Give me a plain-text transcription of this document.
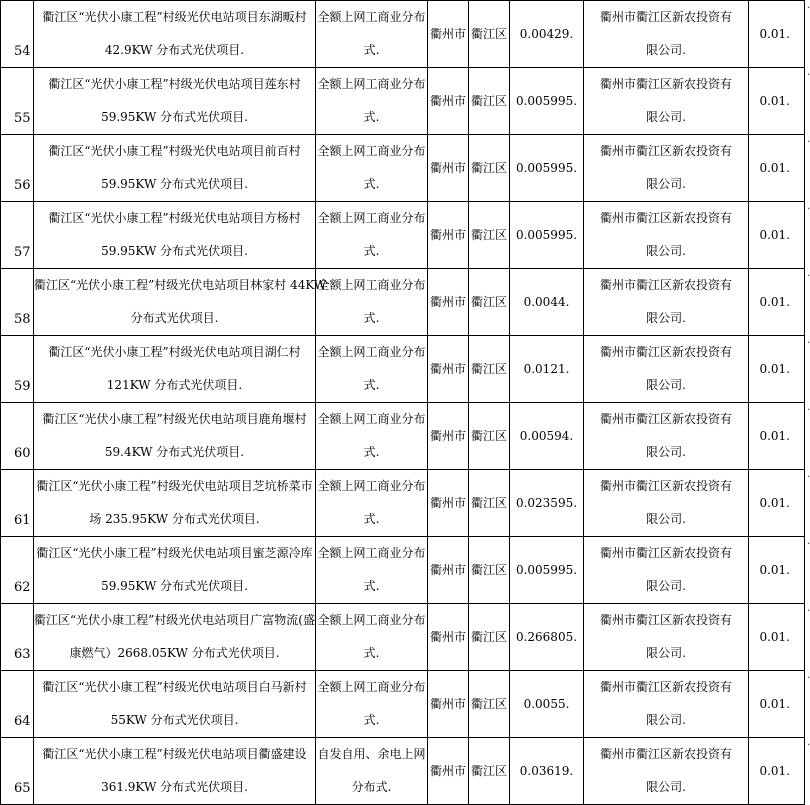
54	衢江区“光伏小康工程”村级光伏电站项目东湖畈村
42.9KW 分布式光伏项目.	全额上网工商业分布
式.	衢州市	衢江区	0.00429.	衢州市衢江区新农投资有
限公司.	0.01.	.

55	衢江区“光伏小康工程”村级光伏电站项目莲东村
59.95KW 分布式光伏项目.	全额上网工商业分布
式.	衢州市	衢江区	0.005995.	衢州市衢江区新农投资有
限公司.	0.01.	.

56	衢江区“光伏小康工程”村级光伏电站项目前百村
59.95KW 分布式光伏项目.	全额上网工商业分布
式.	衢州市	衢江区	0.005995.	衢州市衢江区新农投资有
限公司.	0.01.	.

57	衢江区“光伏小康工程”村级光伏电站项目方杨村
59.95KW 分布式光伏项目.	全额上网工商业分布
式.	衢州市	衢江区	0.005995.	衢州市衢江区新农投资有
限公司.	0.01.	.

58	衢江区“光伏小康工程”村级光伏电站项目林家村 44KW
分布式光伏项目.	全额上网工商业分布
式.	衢州市	衢江区	0.0044.	衢州市衢江区新农投资有
限公司.	0.01.	.

59	衢江区“光伏小康工程”村级光伏电站项目湖仁村
121KW 分布式光伏项目.	全额上网工商业分布
式.	衢州市	衢江区	0.0121.	衢州市衢江区新农投资有
限公司.	0.01.	.

60	衢江区“光伏小康工程”村级光伏电站项目鹿角堰村
59.4KW 分布式光伏项目.	全额上网工商业分布
式.	衢州市	衢江区	0.00594.	衢州市衢江区新农投资有
限公司.	0.01.	.

61	衢江区“光伏小康工程”村级光伏电站项目芝坑桥菜市
场 235.95KW 分布式光伏项目.	全额上网工商业分布
式.	衢州市	衢江区	0.023595.	衢州市衢江区新农投资有
限公司.	0.01.	.

62	衢江区“光伏小康工程”村级光伏电站项目蜜芝源冷库
59.95KW 分布式光伏项目.	全额上网工商业分布
式.	衢州市	衢江区	0.005995.	衢州市衢江区新农投资有
限公司.	0.01.	.

63	衢江区“光伏小康工程”村级光伏电站项目广富物流(盛
康燃气）2668.05KW 分布式光伏项目.	全额上网工商业分布
式.	衢州市	衢江区	0.266805.	衢州市衢江区新农投资有
限公司.	0.01.	.

64	衢江区“光伏小康工程”村级光伏电站项目白马新村
55KW 分布式光伏项目.	全额上网工商业分布
式.	衢州市	衢江区	0.0055.	衢州市衢江区新农投资有
限公司.	0.01.	.

65	衢江区“光伏小康工程”村级光伏电站项目衢盛建设
361.9KW 分布式光伏项目.	自发自用、余电上网
分布式.	衢州市	衢江区	0.03619.	衢州市衢江区新农投资有
限公司.	0.01.	.
